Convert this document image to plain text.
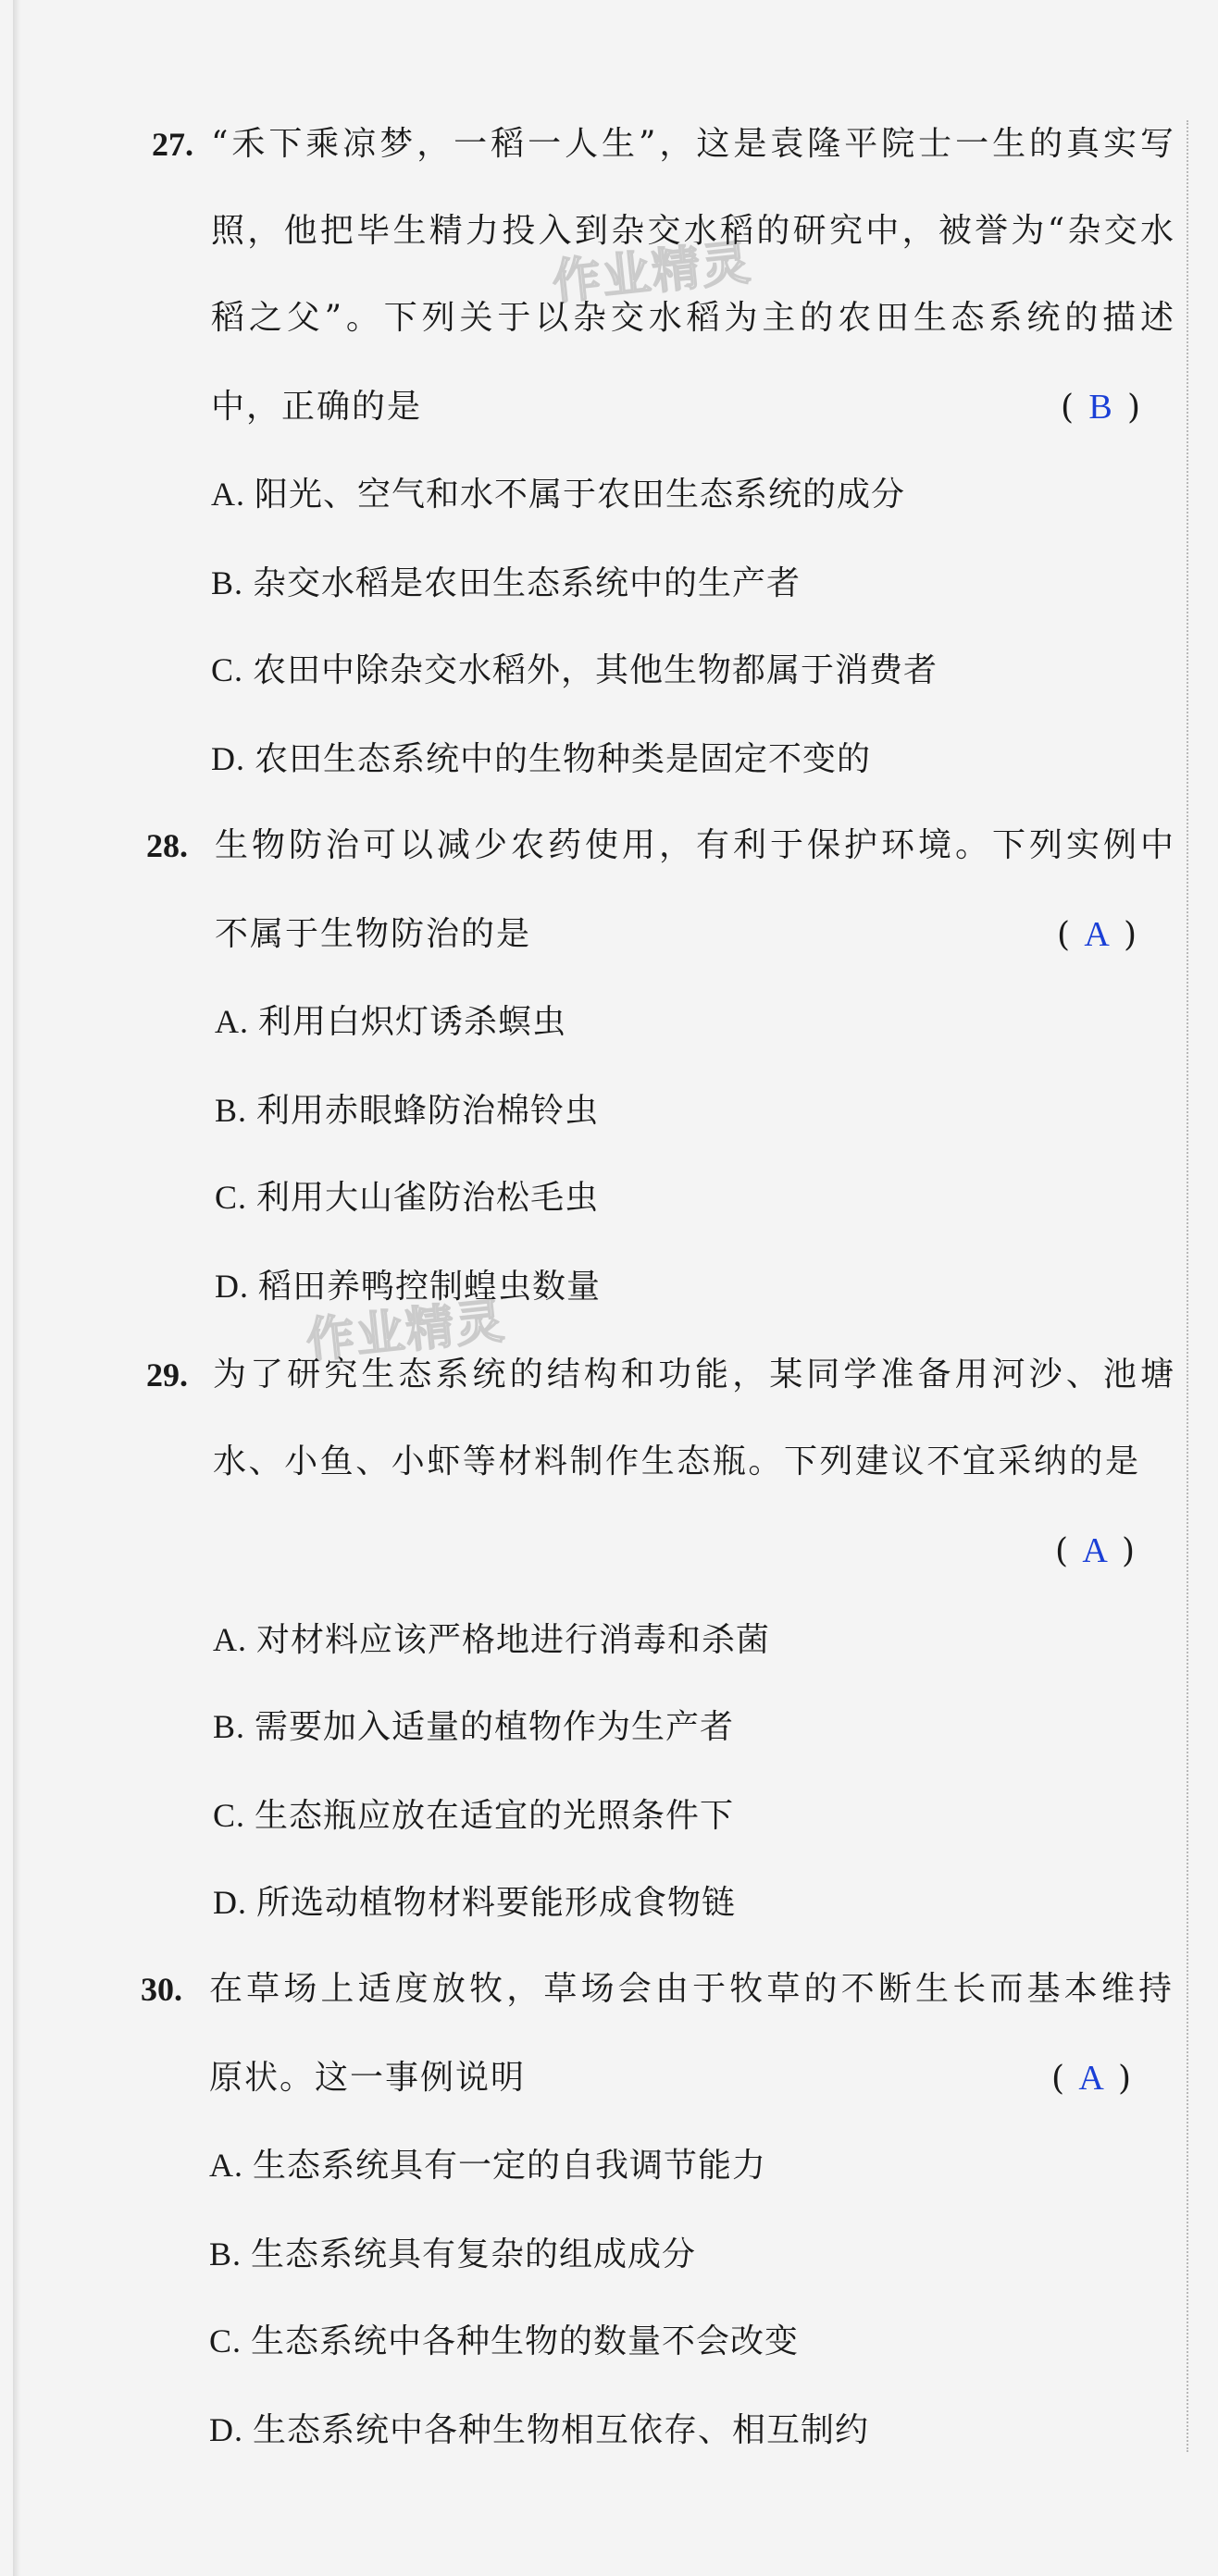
作业精灵
作业精灵
27. “禾下乘凉梦，一稻一人生”，这是袁隆平院士一生的真实写
照，他把毕生精力投入到杂交水稻的研究中，被誉为“杂交水
稻之父”。下列关于以杂交水稻为主的农田生态系统的描述
中，正确的是	( B )
A. 阳光、空气和水不属于农田生态系统的成分
B. 杂交水稻是农田生态系统中的生产者
C. 农田中除杂交水稻外，其他生物都属于消费者
D. 农田生态系统中的生物种类是固定不变的
28. 生物防治可以减少农药使用，有利于保护环境。下列实例中
不属于生物防治的是	( A )
A. 利用白炽灯诱杀螟虫
B. 利用赤眼蜂防治棉铃虫
C. 利用大山雀防治松毛虫
D. 稻田养鸭控制蝗虫数量
29. 为了研究生态系统的结构和功能，某同学准备用河沙、池塘
水、小鱼、小虾等材料制作生态瓶。下列建议不宜采纳的是
( A )
A. 对材料应该严格地进行消毒和杀菌
B. 需要加入适量的植物作为生产者
C. 生态瓶应放在适宜的光照条件下
D. 所选动植物材料要能形成食物链
30. 在草场上适度放牧，草场会由于牧草的不断生长而基本维持
原状。这一事例说明	( A )
A. 生态系统具有一定的自我调节能力
B. 生态系统具有复杂的组成成分
C. 生态系统中各种生物的数量不会改变
D. 生态系统中各种生物相互依存、相互制约
